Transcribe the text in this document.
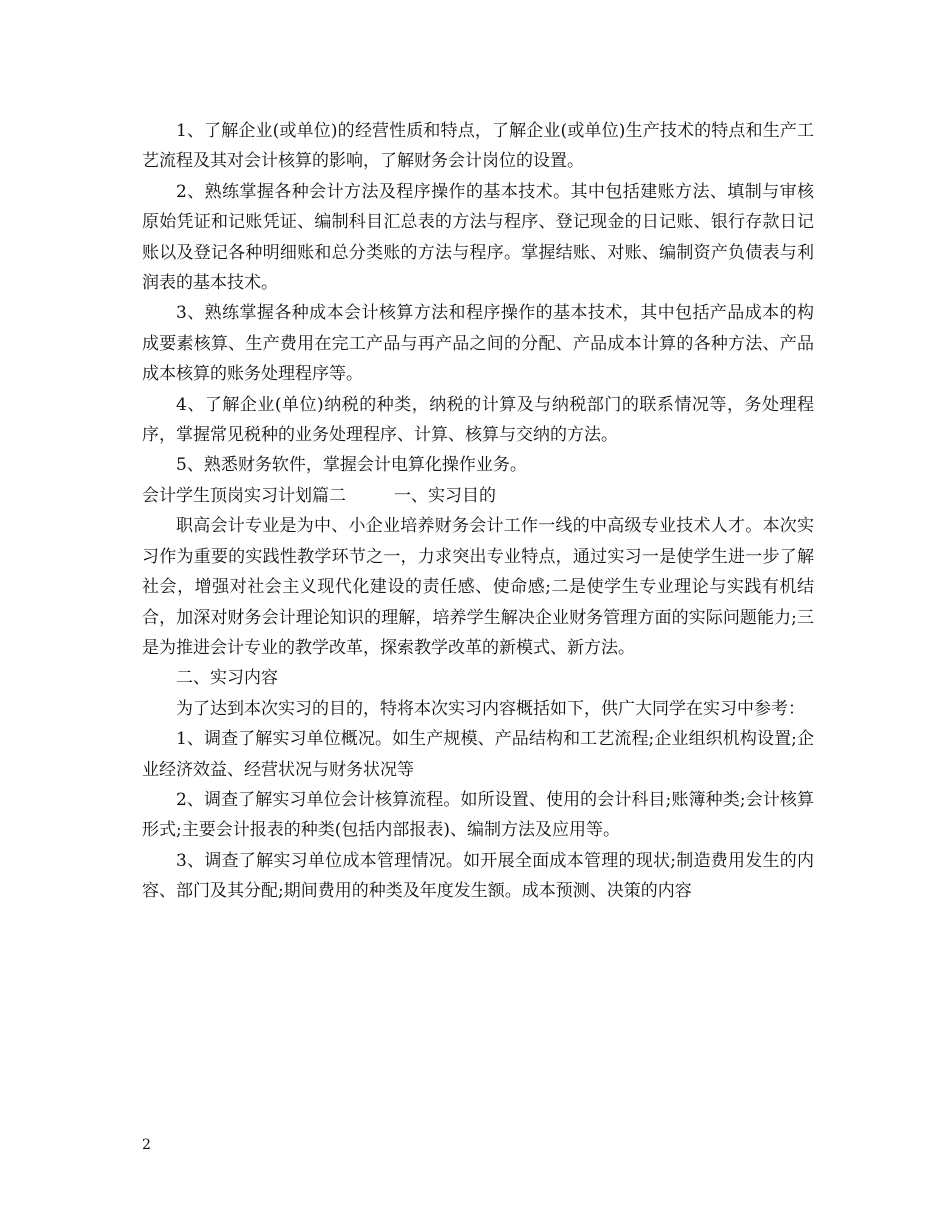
1、了解企业(或单位)的经营性质和特点，了解企业(或单位)生产技术的特点和生产工艺流程及其对会计核算的影响，了解财务会计岗位的设置。

2、熟练掌握各种会计方法及程序操作的基本技术。其中包括建账方法、填制与审核原始凭证和记账凭证、编制科目汇总表的方法与程序、登记现金的日记账、银行存款日记账以及登记各种明细账和总分类账的方法与程序。掌握结账、对账、编制资产负债表与利润表的基本技术。

3、熟练掌握各种成本会计核算方法和程序操作的基本技术，其中包括产品成本的构成要素核算、生产费用在完工产品与再产品之间的分配、产品成本计算的各种方法、产品成本核算的账务处理程序等。

4、了解企业(单位)纳税的种类，纳税的计算及与纳税部门的联系情况等，务处理程序，掌握常见税种的业务处理程序、计算、核算与交纳的方法。

5、熟悉财务软件，掌握会计电算化操作业务。

会计学生顶岗实习计划篇二	一、实习目的

职高会计专业是为中、小企业培养财务会计工作一线的中高级专业技术人才。本次实习作为重要的实践性教学环节之一，力求突出专业特点，通过实习一是使学生进一步了解社会，增强对社会主义现代化建设的责任感、使命感;二是使学生专业理论与实践有机结合，加深对财务会计理论知识的理解，培养学生解决企业财务管理方面的实际问题能力;三是为推进会计专业的教学改革，探索教学改革的新模式、新方法。

二、实习内容

为了达到本次实习的目的，特将本次实习内容概括如下，供广大同学在实习中参考：

1、调查了解实习单位概况。如生产规模、产品结构和工艺流程;企业组织机构设置;企业经济效益、经营状况与财务状况等

2、调查了解实习单位会计核算流程。如所设置、使用的会计科目;账簿种类;会计核算形式;主要会计报表的种类(包括内部报表)、编制方法及应用等。

3、调查了解实习单位成本管理情况。如开展全面成本管理的现状;制造费用发生的内容、部门及其分配;期间费用的种类及年度发生额。成本预测、决策的内容

2
